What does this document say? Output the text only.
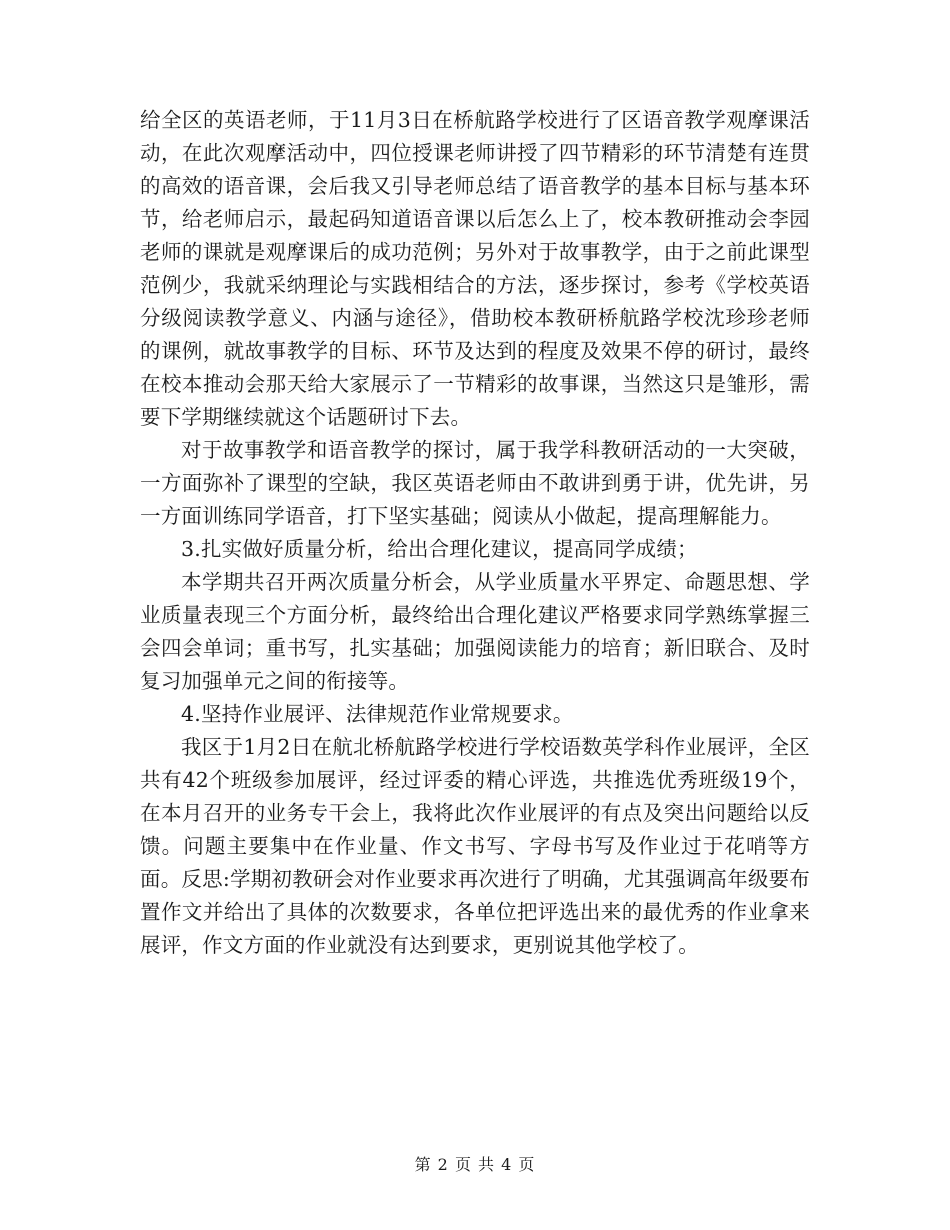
给全区的英语老师，于11月3日在桥航路学校进行了区语音教学观摩课活动，在此次观摩活动中，四位授课老师讲授了四节精彩的环节清楚有连贯的高效的语音课，会后我又引导老师总结了语音教学的基本目标与基本环节，给老师启示，最起码知道语音课以后怎么上了，校本教研推动会李园老师的课就是观摩课后的成功范例；另外对于故事教学，由于之前此课型范例少，我就采纳理论与实践相结合的方法，逐步探讨，参考《学校英语分级阅读教学意义、内涵与途径》，借助校本教研桥航路学校沈珍珍老师的课例，就故事教学的目标、环节及达到的程度及效果不停的研讨，最终在校本推动会那天给大家展示了一节精彩的故事课，当然这只是雏形，需要下学期继续就这个话题研讨下去。

对于故事教学和语音教学的探讨，属于我学科教研活动的一大突破，一方面弥补了课型的空缺，我区英语老师由不敢讲到勇于讲，优先讲，另一方面训练同学语音，打下坚实基础；阅读从小做起，提高理解能力。

3.扎实做好质量分析，给出合理化建议，提高同学成绩；

本学期共召开两次质量分析会，从学业质量水平界定、命题思想、学业质量表现三个方面分析，最终给出合理化建议严格要求同学熟练掌握三会四会单词；重书写，扎实基础；加强阅读能力的培育；新旧联合、及时复习加强单元之间的衔接等。

4.坚持作业展评、法律规范作业常规要求。

我区于1月2日在航北桥航路学校进行学校语数英学科作业展评，全区共有42个班级参加展评，经过评委的精心评选，共推选优秀班级19个，在本月召开的业务专干会上，我将此次作业展评的有点及突出问题给以反馈。问题主要集中在作业量、作文书写、字母书写及作业过于花哨等方面。反思:学期初教研会对作业要求再次进行了明确，尤其强调高年级要布置作文并给出了具体的次数要求，各单位把评选出来的最优秀的作业拿来展评，作文方面的作业就没有达到要求，更别说其他学校了。

第 2 页 共 4 页
